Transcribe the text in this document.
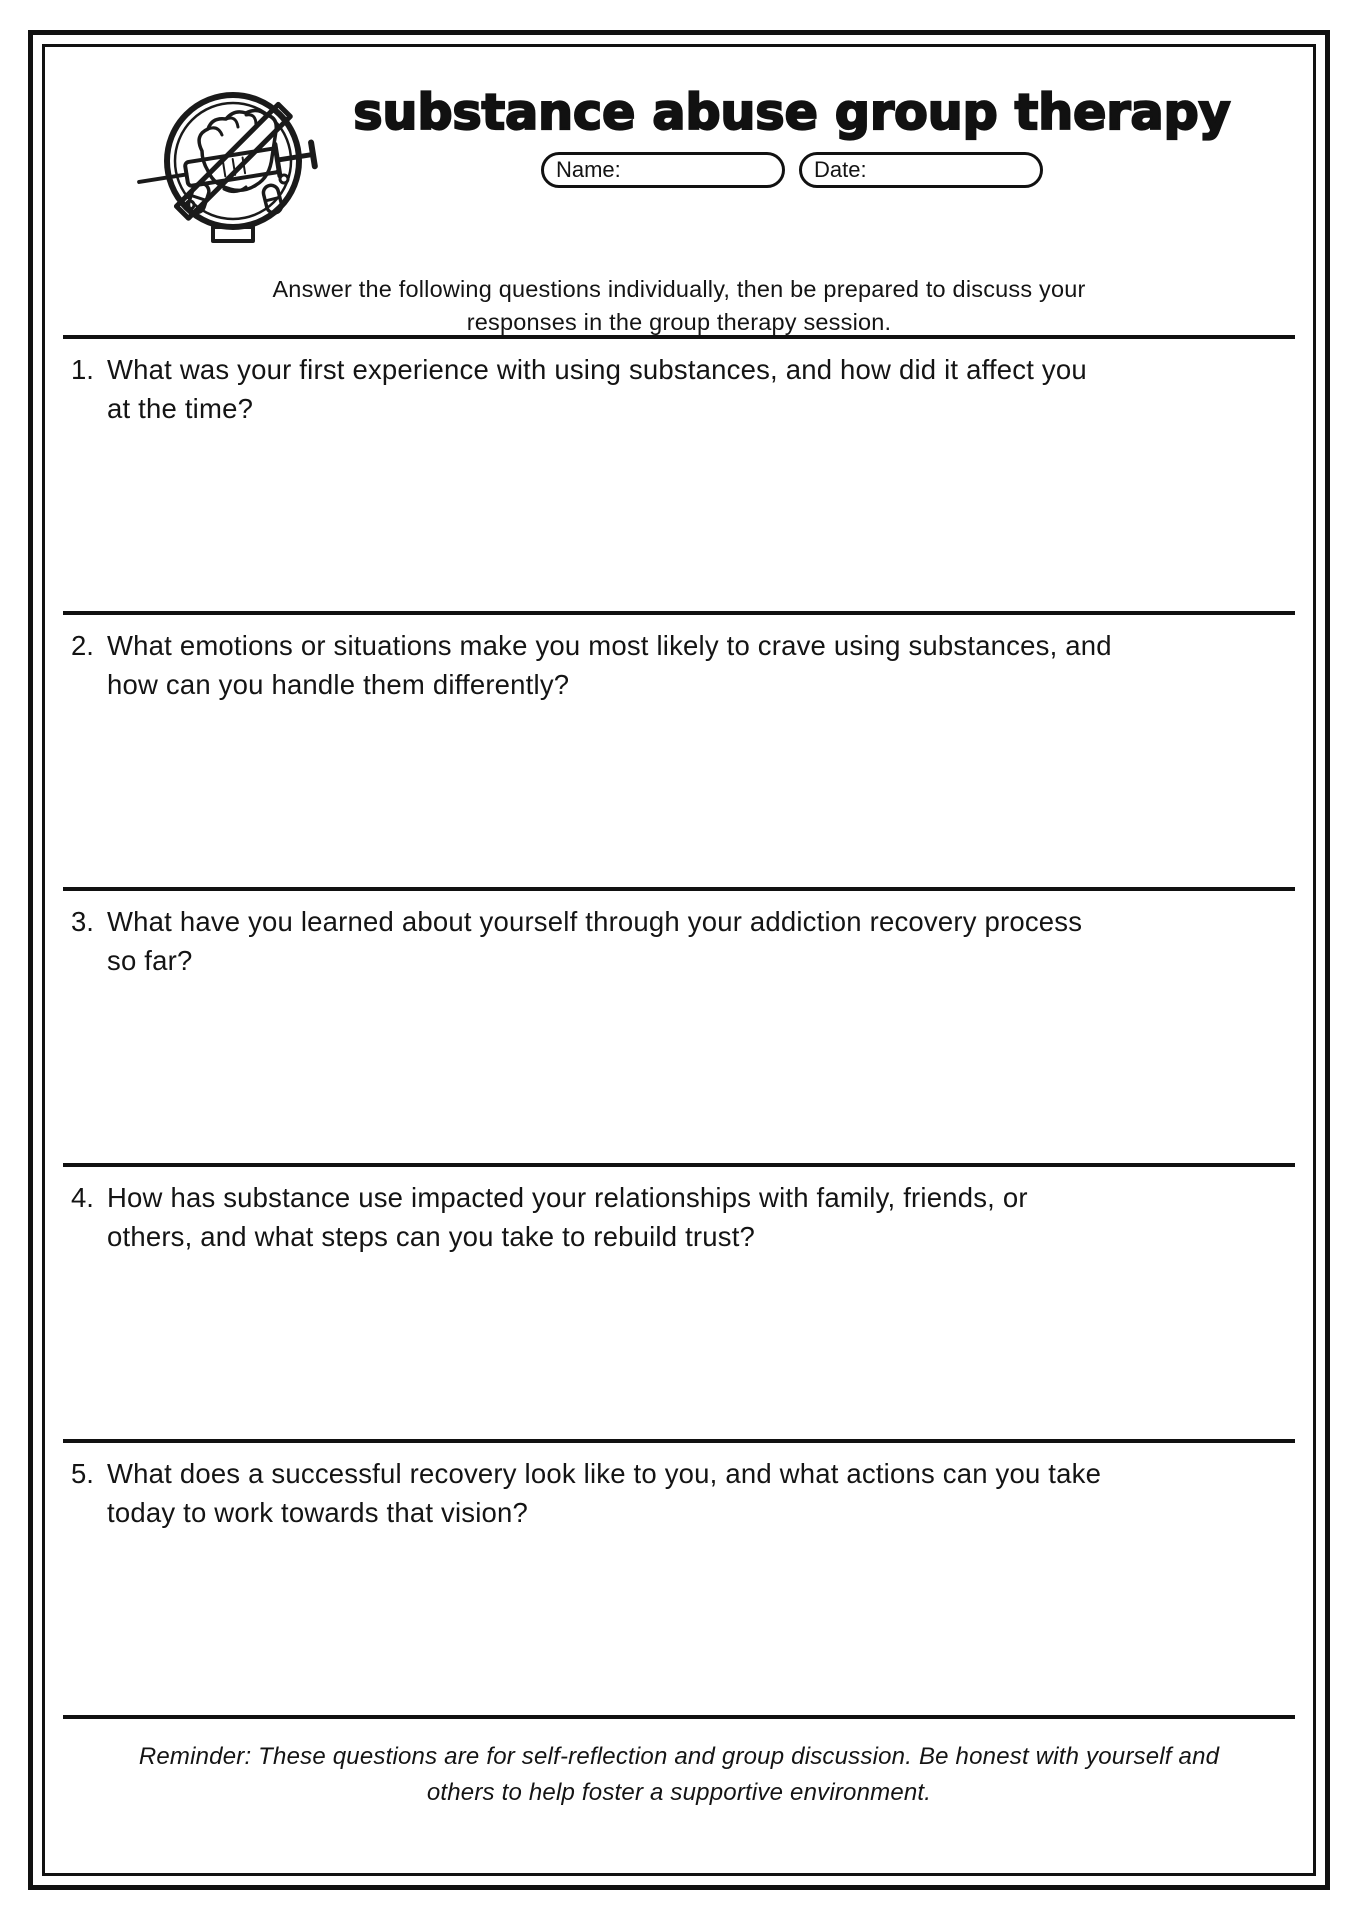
substance abuse group therapy
Name:	Date:

Answer the following questions individually, then be prepared to discuss your responses in the group therapy session.

1. What was your first experience with using substances, and how did it affect you at the time?
2. What emotions or situations make you most likely to crave using substances, and how can you handle them differently?
3. What have you learned about yourself through your addiction recovery process so far?
4. How has substance use impacted your relationships with family, friends, or others, and what steps can you take to rebuild trust?
5. What does a successful recovery look like to you, and what actions can you take today to work towards that vision?

Reminder: These questions are for self-reflection and group discussion. Be honest with yourself and others to help foster a supportive environment.
